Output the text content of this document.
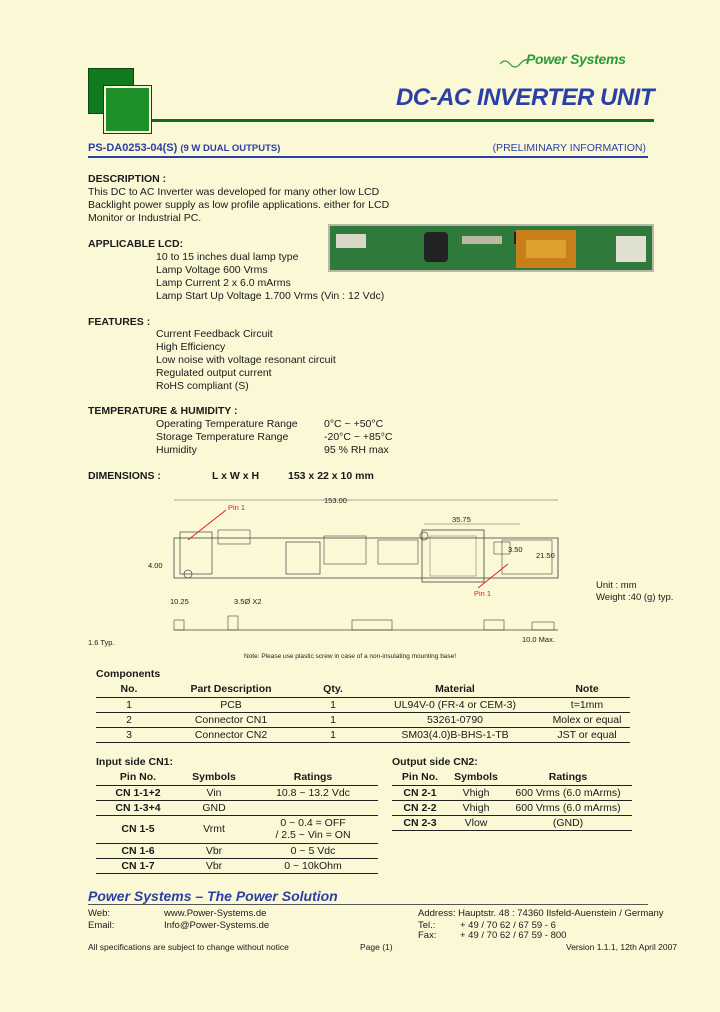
Power Systems
DC-AC INVERTER UNIT
PS-DA0253-04(S) (9 W DUAL OUTPUTS)	(PRELIMINARY INFORMATION)
DESCRIPTION :
This DC to AC Inverter was developed for many other low LCD
Backlight power supply as low profile applications. either for LCD
Monitor or Industrial PC.
APPLICABLE LCD:
10 to 15 inches dual lamp type
Lamp Voltage 600 Vrms
Lamp Current 2 x 6.0 mArms
Lamp Start Up Voltage 1.700 Vrms (Vin : 12 Vdc)
FEATURES :
Current Feedback Circuit
High Efficiency
Low noise with voltage resonant circuit
Regulated output current
RoHS compliant (S)
TEMPERATURE & HUMIDITY :
Operating Temperature Range	0°C ~ +50°C
Storage Temperature Range	-20°C ~ +85°C
Humidity	95 % RH max
DIMENSIONS :	L x W x H	153 x 22 x 10 mm
153.00
35.75
3.50
21.50
4.00
10.25	3.5Ø X2
Pin 1
Pin 1
1.6 Typ.	10.0 Max.
Note: Please use plastic screw in case of a non-insulating mounting base!
Unit : mm
Weight :40 (g) typ.
Components
No.	Part Description	Qty.	Material	Note
1	PCB	1	UL94V-0 (FR-4 or CEM-3)	t=1mm
2	Connector CN1	1	53261-0790	Molex or equal
3	Connector CN2	1	SM03(4.0)B-BHS-1-TB	JST or equal
Input side CN1:
Pin No.	Symbols	Ratings
CN 1-1+2	Vin	10.8 ~ 13.2 Vdc
CN 1-3+4	GND	
CN 1-5	Vrmt	0 ~ 0.4 = OFF
/ 2.5 ~ Vin = ON

CN 1-6	Vbr	0 ~ 5 Vdc
CN 1-7	Vbr	0 ~ 10kOhm
Output side CN2:
Pin No.	Symbols	Ratings
CN 2-1	Vhigh	600 Vrms (6.0 mArms)
CN 2-2	Vhigh	600 Vrms (6.0 mArms)
CN 2-3	Vlow	(GND)
Power Systems – The Power Solution
Web:	www.Power-Systems.de
Email:	Info@Power-Systems.de
Address: Hauptstr. 48 : 74360 Ilsfeld-Auenstein / Germany
Tel.:	+ 49 / 70 62 / 67 59 - 6
Fax: + 49 / 70 62 / 67 59 - 800
All specifications are subject to change without notice	Page (1)	Version 1.1.1, 12th April 2007
